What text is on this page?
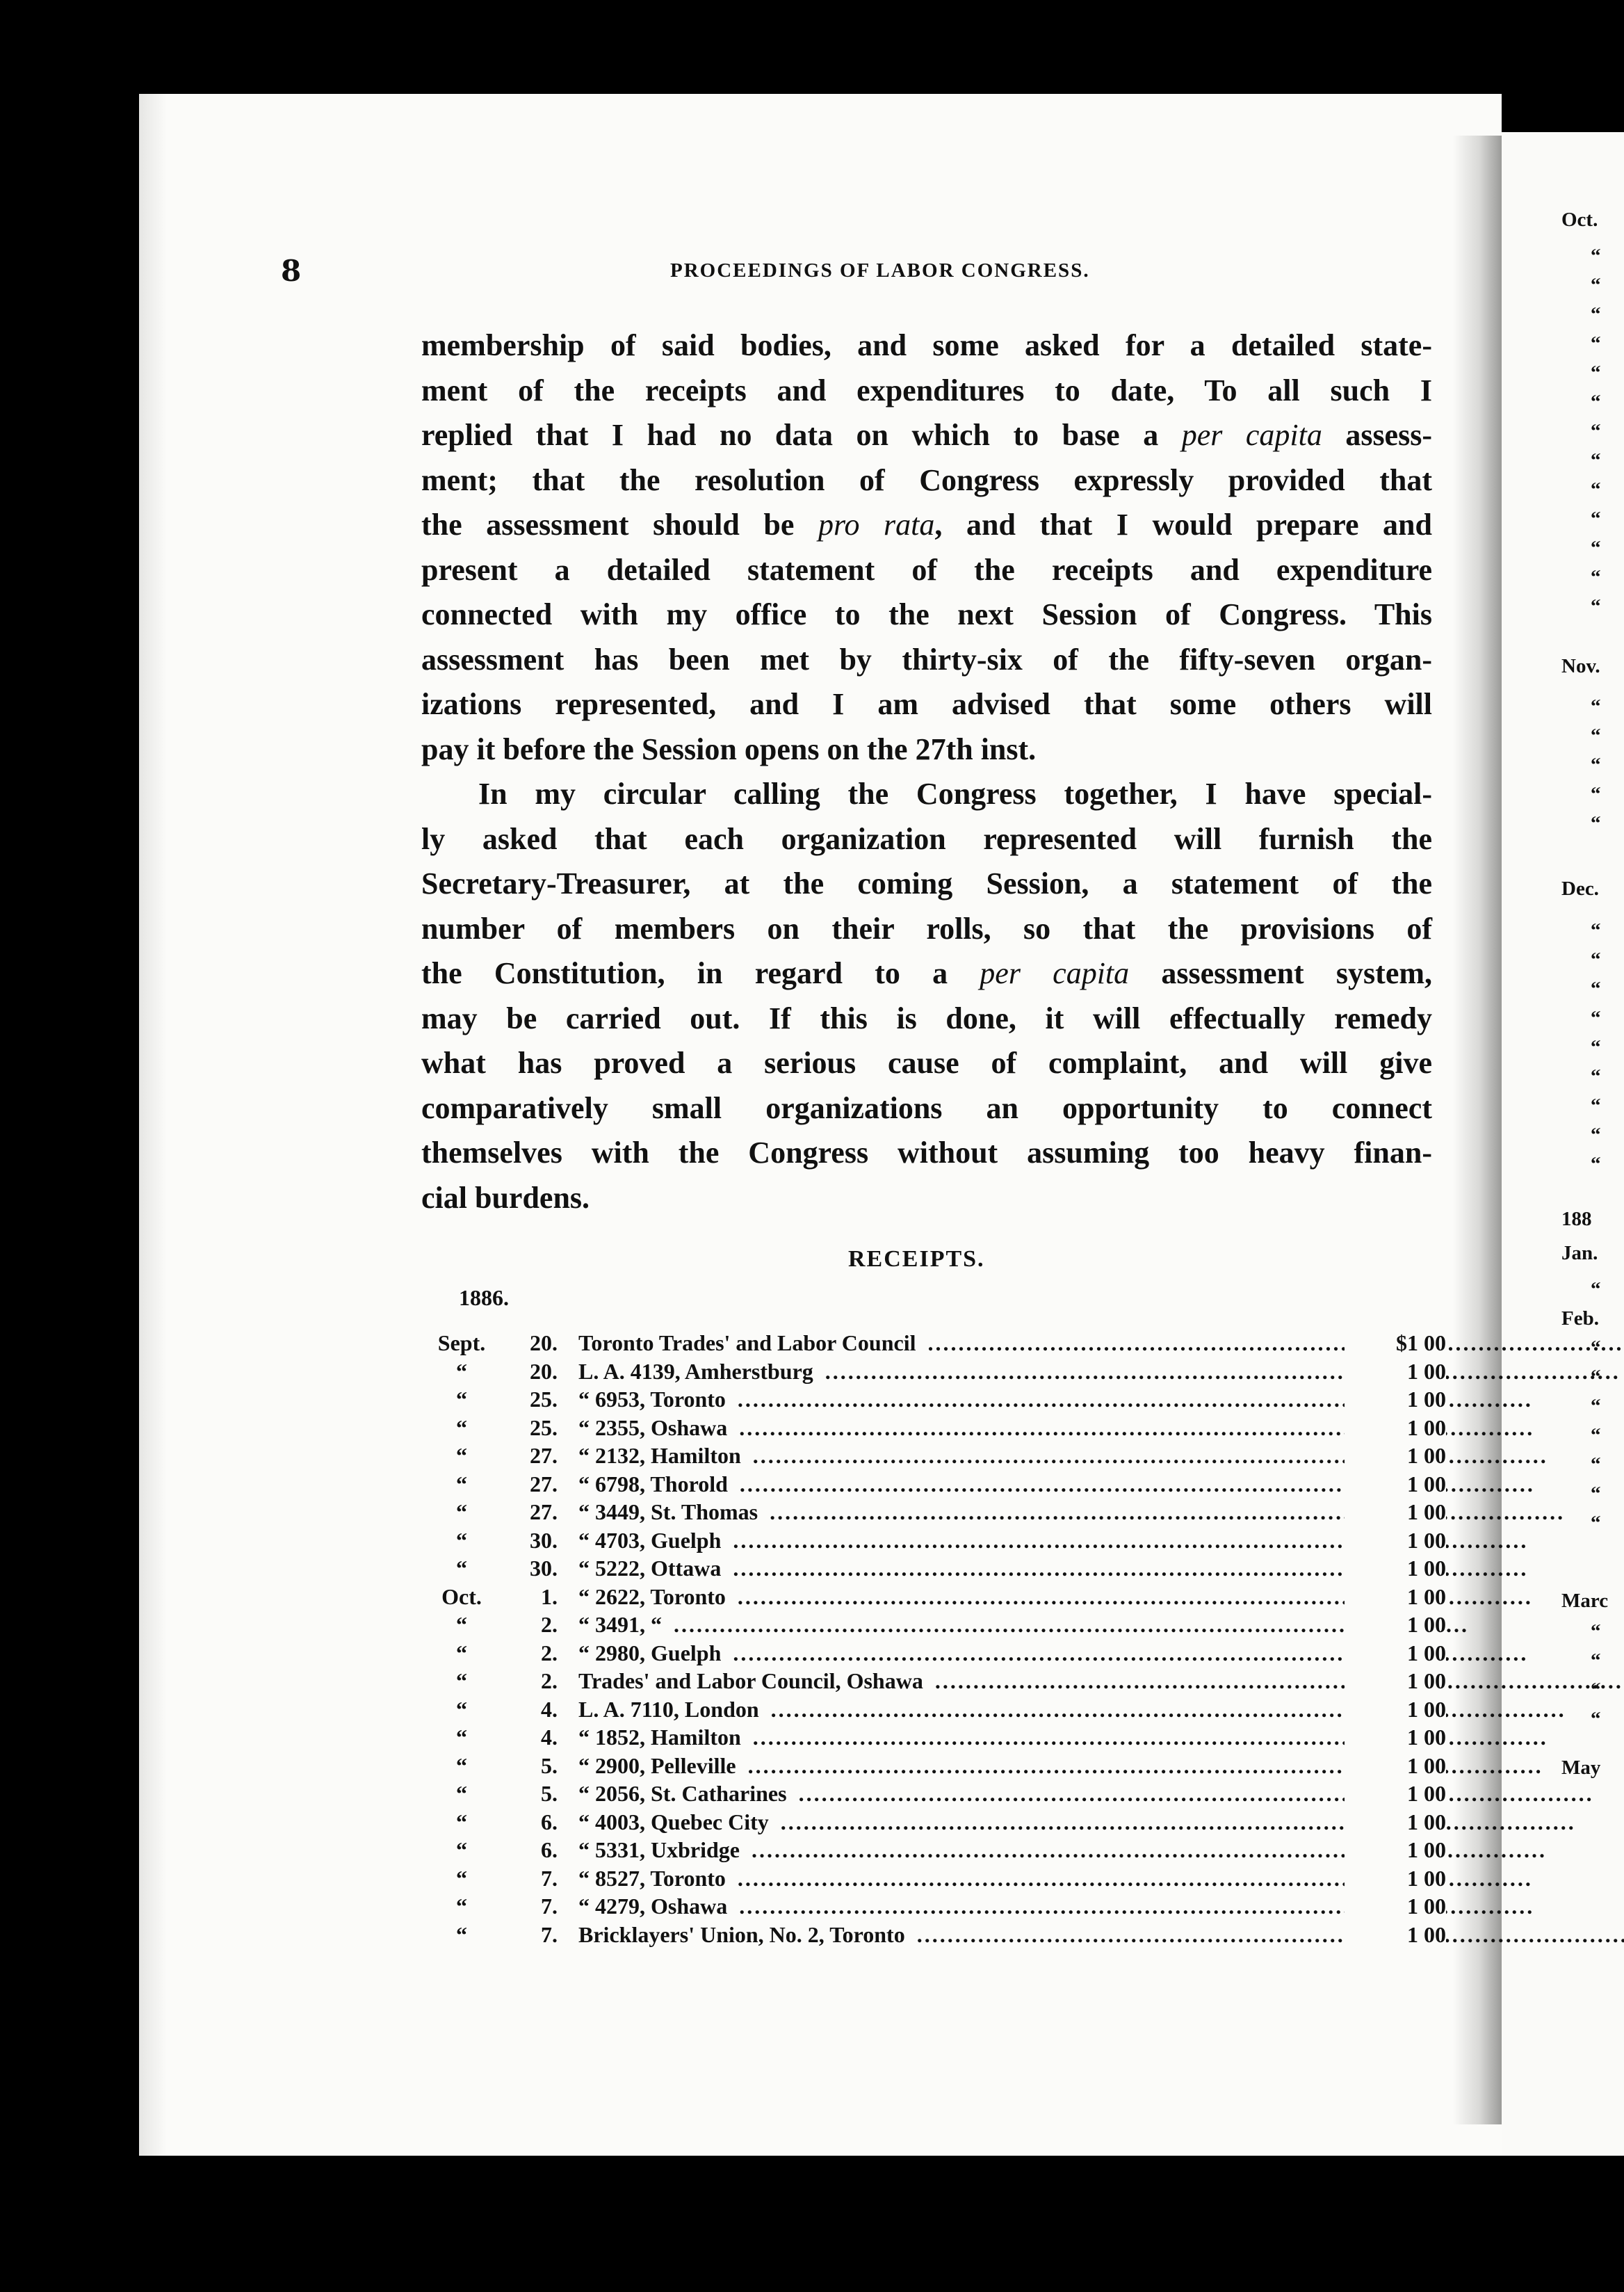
Oct.
“
“
“
“
“
“
“
“
“
“
“
“
“
Nov.
“
“
“
“
“
Dec.
“
“
“
“
“
“
“
“
“
188
Jan.
“
Feb.
“
“
“
“
“
“
“
Marc
“
“
“
“
May
8	PROCEEDINGS OF LABOR CONGRESS.
membership of said bodies, and some asked for a detailed state-
ment of the receipts and expenditures to date, To all such I
replied that I had no data on which to base a per capita assess-
ment; that the resolution of Congress expressly provided that
the assessment should be pro rata, and that I would prepare and
present a detailed statement of the receipts and expenditure
connected with my office to the next Session of Congress. This
assessment has been met by thirty-six of the fifty-seven organ-
izations represented, and I am advised that some others will
pay it before the Session opens on the 27th inst.
In my circular calling the Congress together, I have special-
ly asked that each organization represented will furnish the
Secretary-Treasurer, at the coming Session, a statement of the
number of members on their rolls, so that the provisions of
the Constitution, in regard to a per capita assessment system,
may be carried out. If this is done, it will effectually remedy
what has proved a serious cause of complaint, and will give
comparatively small organizations an opportunity to connect
themselves with the Congress without assuming too heavy finan-
cial burdens.
RECEIPTS.
1886.
Sept.	20. Toronto Trades' and Labor Council .....	$1 00
“	20. L. A. 4139, Amherstburg .....	1 00
“	25. “ 6953, Toronto .....	1 00
“	25. “ 2355, Oshawa .....	1 00
“	27. “ 2132, Hamilton .....	1 00
“	27. “ 6798, Thorold .....	1 00
“	27. “ 3449, St. Thomas .....	1 00
“	30. “ 4703, Guelph .....	1 00
“	30. “ 5222, Ottawa .....	1 00
Oct.	1. “ 2622, Toronto .....	1 00
“	2. “ 3491, “ .....	1 00
“	2. “ 2980, Guelph .....	1 00
“	2. Trades' and Labor Council, Oshawa .....	1 00
“	4. L. A. 7110, London .....	1 00
“	4. “ 1852, Hamilton .....	1 00
“	5. “ 2900, Pelleville .....	1 00
“	5. “ 2056, St. Catharines .....	1 00
“	6. “ 4003, Quebec City .....	1 00
“	6. “ 5331, Uxbridge .....	1 00
“	7. “ 8527, Toronto .....	1 00
“	7. “ 4279, Oshawa .....	1 00
“	7. Bricklayers' Union, No. 2, Toronto .....	1 00
